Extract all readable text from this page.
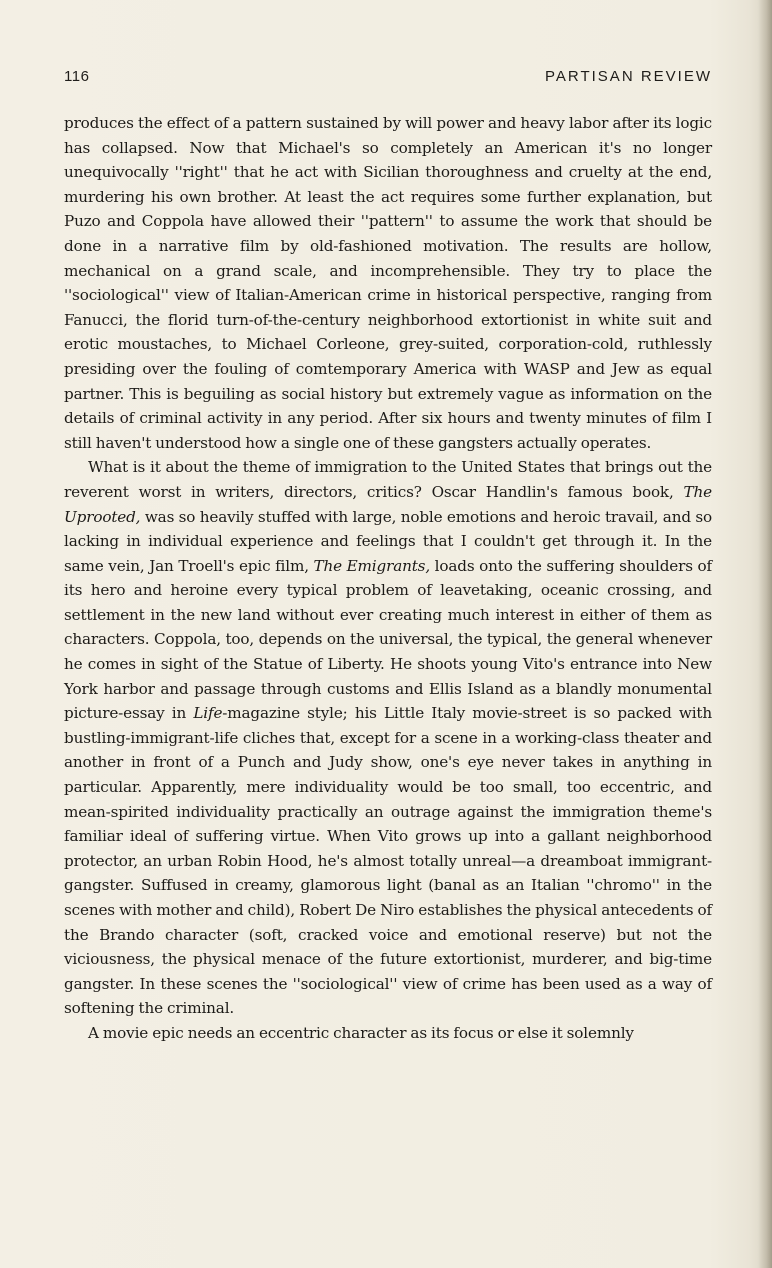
116	PARTISAN REVIEW

produces the effect of a pattern sustained by will power and heavy labor after its logic has collapsed. Now that Michael's so completely an American it's no longer unequivocally ''right'' that he act with Sicilian thoroughness and cruelty at the end, murdering his own brother. At least the act requires some further explanation, but Puzo and Coppola have allowed their ''pattern'' to assume the work that should be done in a narrative film by old-fashioned motivation. The results are hollow, mechanical on a grand scale, and incomprehensible. They try to place the ''sociological'' view of Italian-American crime in historical perspective, ranging from Fanucci, the florid turn-of-the-century neighborhood extortionist in white suit and erotic moustaches, to Michael Corleone, grey-suited, corporation-cold, ruthlessly presiding over the fouling of comtemporary America with WASP and Jew as equal partner. This is beguiling as social history but extremely vague as information on the details of criminal activity in any period. After six hours and twenty minutes of film I still haven't understood how a single one of these gangsters actually operates.

What is it about the theme of immigration to the United States that brings out the reverent worst in writers, directors, critics? Oscar Handlin's famous book, The Uprooted, was so heavily stuffed with large, noble emotions and heroic travail, and so lacking in individual experience and feelings that I couldn't get through it. In the same vein, Jan Troell's epic film, The Emigrants, loads onto the suffering shoulders of its hero and heroine every typical problem of leavetaking, oceanic crossing, and settlement in the new land without ever creating much interest in either of them as characters. Coppola, too, depends on the universal, the typical, the general whenever he comes in sight of the Statue of Liberty. He shoots young Vito's entrance into New York harbor and passage through customs and Ellis Island as a blandly monumental picture-essay in Life-magazine style; his Little Italy movie-street is so packed with bustling-immigrant-life cliches that, except for a scene in a working-class theater and another in front of a Punch and Judy show, one's eye never takes in anything in particular. Apparently, mere individuality would be too small, too eccentric, and mean-spirited individuality practically an outrage against the immigration theme's familiar ideal of suffering virtue. When Vito grows up into a gallant neighborhood protector, an urban Robin Hood, he's almost totally unreal—a dreamboat immigrant-gangster. Suffused in creamy, glamorous light (banal as an Italian ''chromo'' in the scenes with mother and child), Robert De Niro establishes the physical antecedents of the Brando character (soft, cracked voice and emotional reserve) but not the viciousness, the physical menace of the future extortionist, murderer, and big-time gangster. In these scenes the ''sociological'' view of crime has been used as a way of softening the criminal.

A movie epic needs an eccentric character as its focus or else it solemnly
